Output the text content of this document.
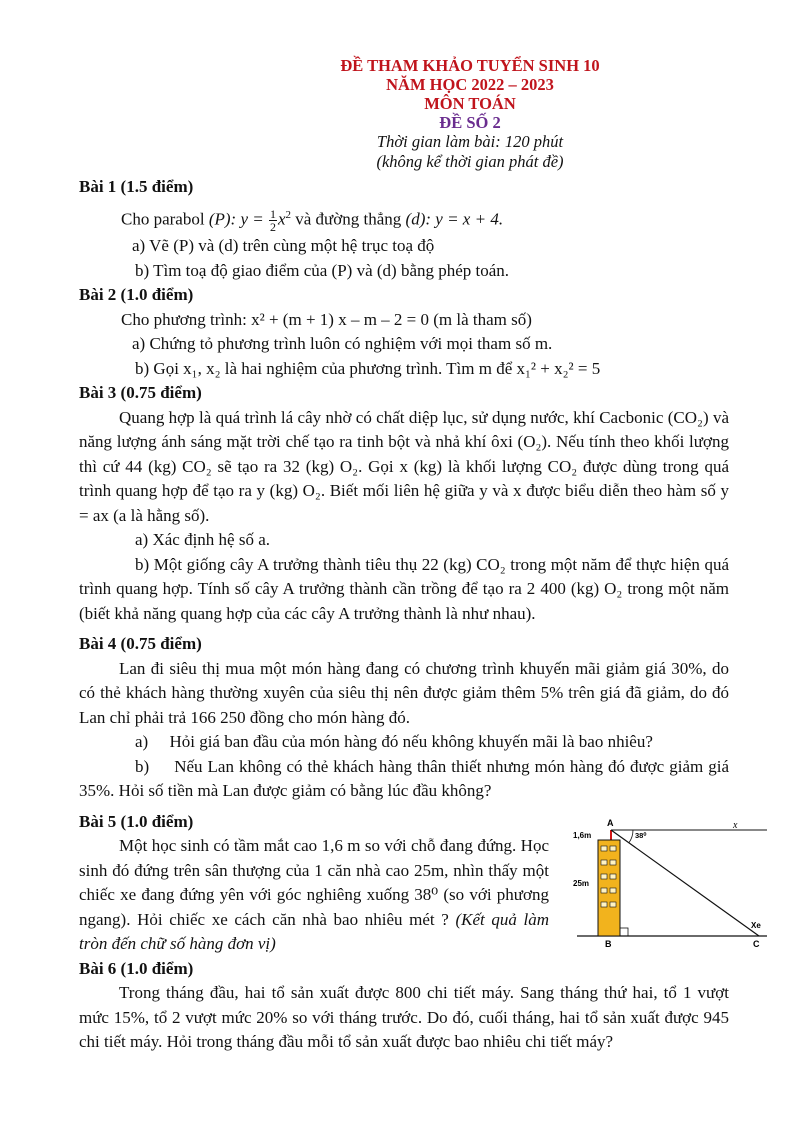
ĐỀ THAM KHẢO TUYỂN SINH 10
NĂM HỌC 2022 – 2023
MÔN TOÁN
ĐỀ SỐ 2
Thời gian làm bài: 120 phút
(không kể thời gian phát đề)
Bài 1 (1.5 điểm)
Cho parabol (P): $y = \frac{1}{2} x^2$ và đường thẳng (d): y = x + 4.
a) Vẽ (P) và (d) trên cùng một hệ trục toạ độ
b) Tìm toạ độ giao điểm của (P) và (d) bằng phép toán.
Bài 2 (1.0 điểm)
Cho phương trình: x² + (m + 1) x – m – 2 = 0 (m là tham số)
a) Chứng tỏ phương trình luôn có nghiệm với mọi tham số m.
b) Gọi x₁, x₂ là hai nghiệm của phương trình. Tìm m để x₁² + x₂² = 5
Bài 3 (0.75 điểm)
Quang hợp là quá trình lá cây nhờ có chất diệp lục, sử dụng nước, khí Cacbonic (CO₂) và năng lượng ánh sáng mặt trời chế tạo ra tinh bột và nhả khí ôxi (O₂). Nếu tính theo khối lượng thì cứ 44 (kg) CO₂ sẽ tạo ra 32 (kg) O₂. Gọi x (kg) là khối lượng CO₂ được dùng trong quá trình quang hợp để tạo ra y (kg) O₂. Biết mối liên hệ giữa y và x được biểu diễn theo hàm số y = ax (a là hằng số).
a) Xác định hệ số a.
b) Một giống cây A trưởng thành tiêu thụ 22 (kg) CO₂ trong một năm để thực hiện quá trình quang hợp. Tính số cây A trưởng thành cần trồng để tạo ra 2 400 (kg) O₂ trong một năm (biết khả năng quang hợp của các cây A trưởng thành là như nhau).
Bài 4 (0.75 điểm)
Lan đi siêu thị mua một món hàng đang có chương trình khuyến mãi giảm giá 30%, do có thẻ khách hàng thường xuyên của siêu thị nên được giảm thêm 5% trên giá đã giảm, do đó Lan chỉ phải trả 166 250 đồng cho món hàng đó.
a)     Hỏi giá ban đầu của món hàng đó nếu không khuyến mãi là bao nhiêu?
b)     Nếu Lan không có thẻ khách hàng thân thiết nhưng món hàng đó được giảm giá 35%. Hỏi số tiền mà Lan được giảm có bằng lúc đầu không?
Bài 5 (1.0 điểm)
Một học sinh có tầm mắt cao 1,6 m so với chỗ đang đứng. Học sinh đó đứng trên sân thượng của 1 căn nhà cao 25m, nhìn thấy một chiếc xe đang đứng yên với góc nghiêng xuống 38⁰ (so với phương ngang). Hỏi chiếc xe cách căn nhà bao nhiêu mét ? (Kết quả làm tròn đến chữ số hàng đơn vị)
A	x
1,6m
25m
38⁰
B
Xe
C
Bài 6 (1.0 điểm)
Trong tháng đầu, hai tổ sản xuất được 800 chi tiết máy. Sang tháng thứ hai, tổ 1 vượt mức 15%, tổ 2 vượt mức 20% so với tháng trước. Do đó, cuối tháng, hai tổ sản xuất được 945 chi tiết máy. Hỏi trong tháng đầu mỗi tổ sản xuất được bao nhiêu chi tiết máy?
